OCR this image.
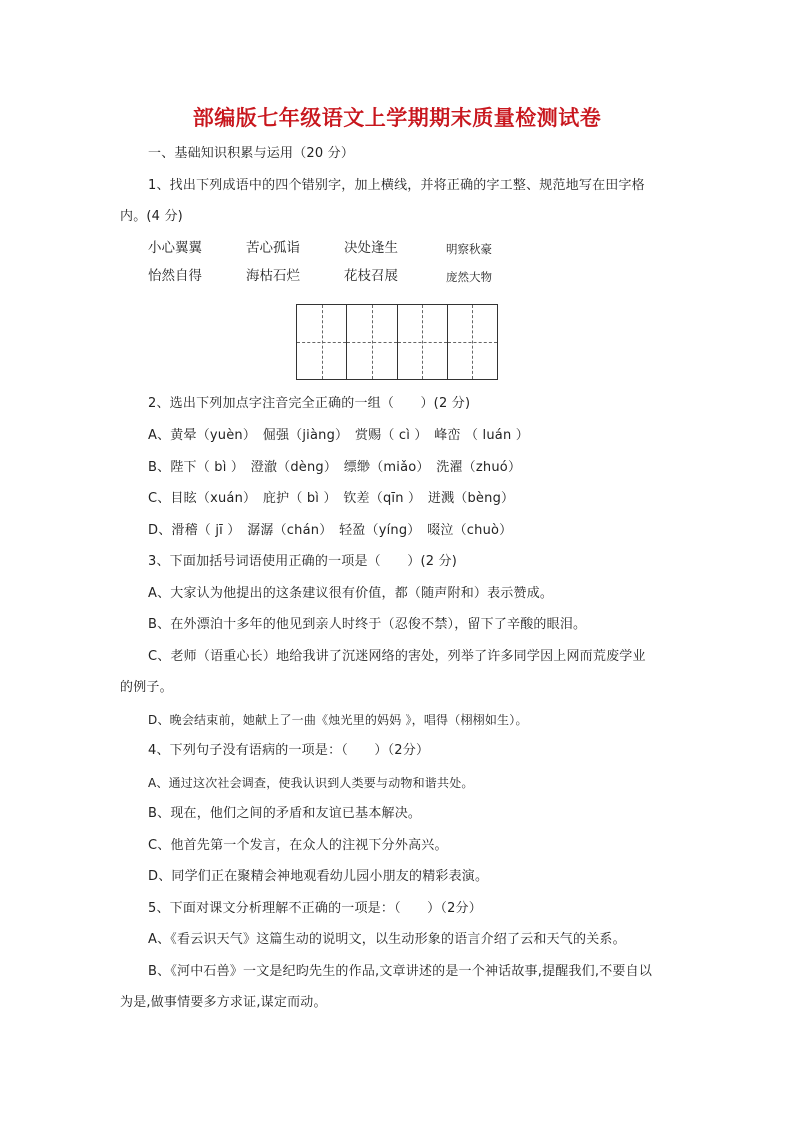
部编版七年级语文上学期期末质量检测试卷
一、基础知识积累与运用（20 分）
1、找出下列成语中的四个错别字，加上横线，并将正确的字工整、规范地写在田字格
内。(4 分)
小心翼翼	苦心孤诣	决处逢生	明察秋豪
怡然自得	海枯石烂	花枝召展	庞然大物
2、选出下列加点字注音完全正确的一组（　　）(2 分)
A、黄晕（yuèn）　倔强（jiàng）　赏赐（ cì ）　峰峦 （ luán ）
B、陛下（ bì ）　澄澈（dèng）　缥缈（miǎo）　洗濯（zhuó）
C、目眩（xuán）　庇护（ bì ）　钦差（qīn ）　迸溅（bèng）
D、滑稽（ jī ）　潺潺（chán）　轻盈（yíng）　啜泣（chuò）
3、下面加括号词语使用正确的一项是（　　）(2 分)
A、大家认为他提出的这条建议很有价值，都（随声附和）表示赞成。
B、在外漂泊十多年的他见到亲人时终于（忍俊不禁），留下了辛酸的眼泪。
C、老师（语重心长）地给我讲了沉迷网络的害处，列举了许多同学因上网而荒废学业
的例子。
D、晚会结束前，她献上了一曲《烛光里的妈妈 》，唱得（栩栩如生）。
4、下列句子没有语病的一项是：（　　）（2分）
A、通过这次社会调查，使我认识到人类要与动物和谐共处。
B、现在，他们之间的矛盾和友谊已基本解决。
C、他首先第一个发言，在众人的注视下分外高兴。
D、同学们正在聚精会神地观看幼儿园小朋友的精彩表演。
5、下面对课文分析理解不正确的一项是：（　　）（2分）
A、《看云识天气》这篇生动的说明文，以生动形象的语言介绍了云和天气的关系。
B、《河中石兽》一文是纪昀先生的作品,文章讲述的是一个神话故事,提醒我们,不要自以
为是,做事情要多方求证,谋定而动。
